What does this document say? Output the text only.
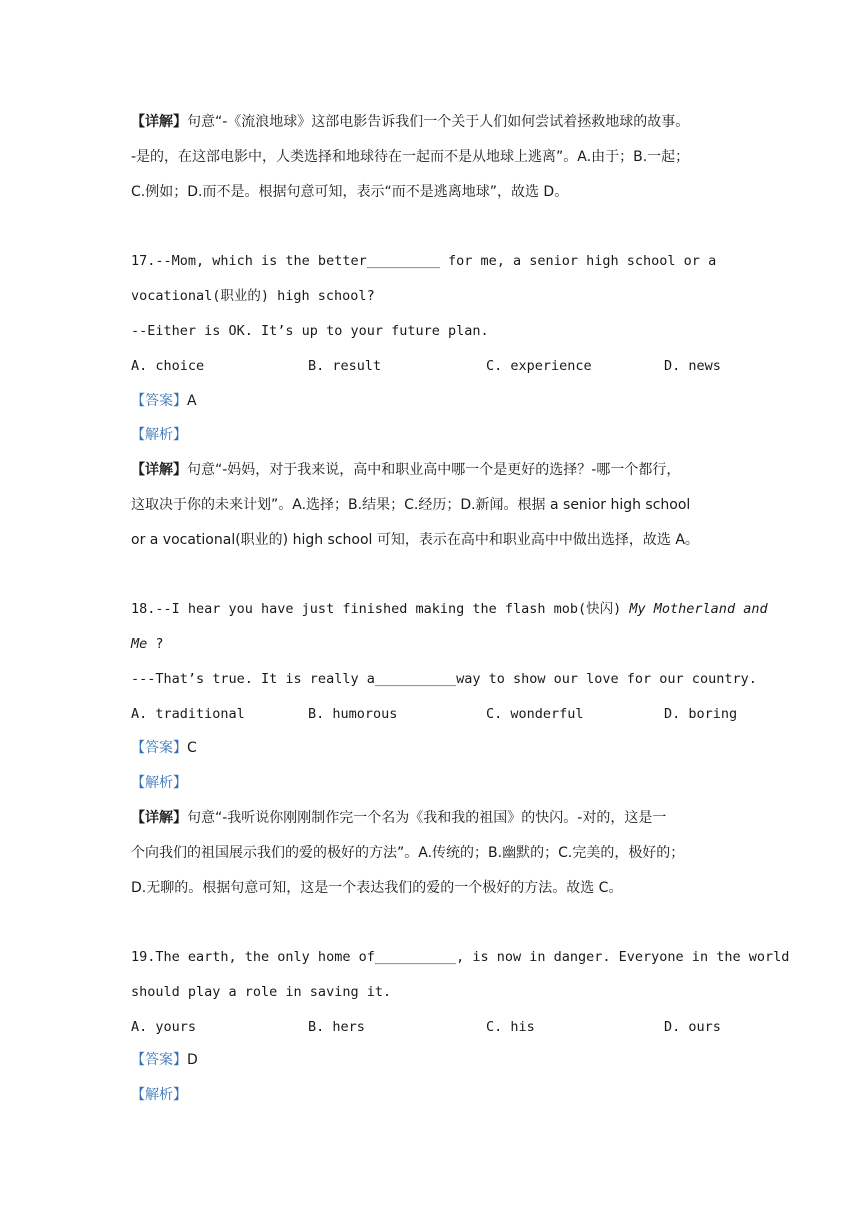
【详解】句意“-《流浪地球》这部电影告诉我们一个关于人们如何尝试着拯救地球的故事。
-是的，在这部电影中，人类选择和地球待在一起而不是从地球上逃离”。A.由于；B.一起；
C.例如；D.而不是。根据句意可知，表示“而不是逃离地球”，故选 D。
17.--Mom, which is the better_________ for me, a senior high school or a
vocational(职业的) high school?
--Either is OK. It’s up to your future plan.
A. choice	B. result	C. experience	D. news
【答案】A
【解析】
【详解】句意“-妈妈，对于我来说，高中和职业高中哪一个是更好的选择？-哪一个都行，
这取决于你的未来计划”。A.选择；B.结果；C.经历；D.新闻。根据 a senior high school
or a vocational(职业的) high school 可知，表示在高中和职业高中中做出选择，故选 A。
18.--I hear you have just finished making the flash mob(快闪) My Motherland and
Me ?
---That’s true. It is really a__________way to show our love for our country.
A. traditional	B. humorous	C. wonderful	D. boring
【答案】C
【解析】
【详解】句意“-我听说你刚刚制作完一个名为《我和我的祖国》的快闪。-对的，这是一
个向我们的祖国展示我们的爱的极好的方法”。A.传统的；B.幽默的；C.完美的，极好的；
D.无聊的。根据句意可知，这是一个表达我们的爱的一个极好的方法。故选 C。
19.The earth, the only home of__________, is now in danger. Everyone in the world
should play a role in saving it.
A. yours	B. hers	C. his	D. ours
【答案】D
【解析】
